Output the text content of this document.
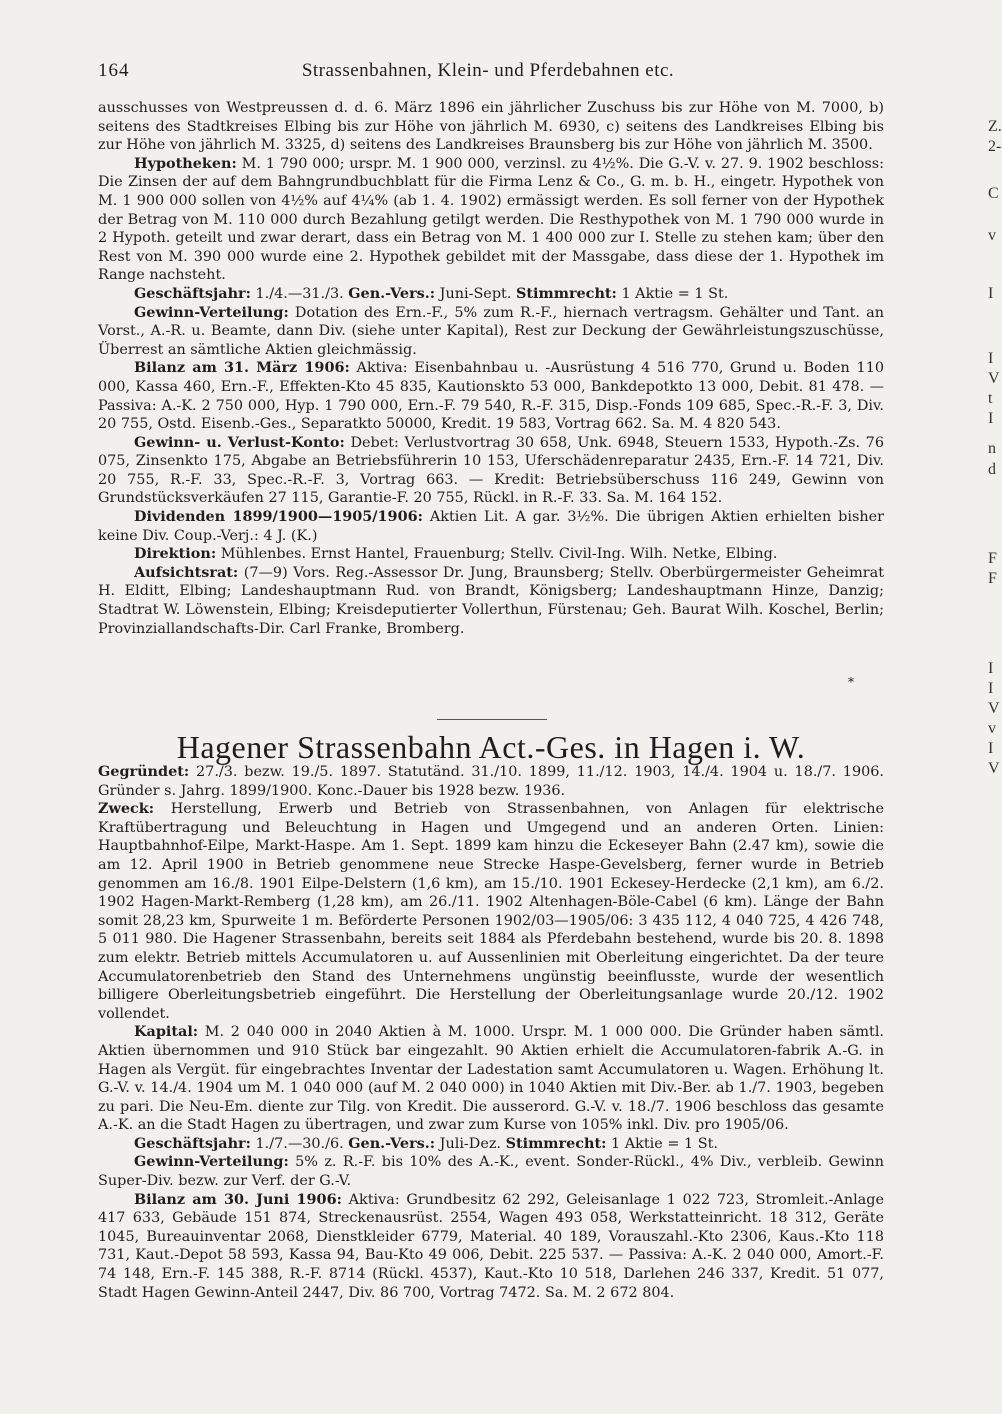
164	Strassenbahnen, Klein- und Pferdebahnen etc.

ausschusses von Westpreussen d. d. 6. März 1896 ein jährlicher Zuschuss bis zur Höhe von M. 7000, b) seitens des Stadtkreises Elbing bis zur Höhe von jährlich M. 6930, c) seitens des Landkreises Elbing bis zur Höhe von jährlich M. 3325, d) seitens des Landkreises Braunsberg bis zur Höhe von jährlich M. 3500.

Hypotheken: M. 1 790 000; urspr. M. 1 900 000, verzinsl. zu 4½%. Die G.-V. v. 27. 9. 1902 beschloss: Die Zinsen der auf dem Bahngrundbuchblatt für die Firma Lenz & Co., G. m. b. H., eingetr. Hypothek von M. 1 900 000 sollen von 4½% auf 4¼% (ab 1. 4. 1902) ermässigt werden. Es soll ferner von der Hypothek der Betrag von M. 110 000 durch Bezahlung getilgt werden. Die Resthypothek von M. 1 790 000 wurde in 2 Hypoth. geteilt und zwar derart, dass ein Betrag von M. 1 400 000 zur I. Stelle zu stehen kam; über den Rest von M. 390 000 wurde eine 2. Hypothek gebildet mit der Massgabe, dass diese der 1. Hypothek im Range nachsteht.

Geschäftsjahr: 1./4.—31./3. Gen.-Vers.: Juni-Sept. Stimmrecht: 1 Aktie = 1 St.

Gewinn-Verteilung: Dotation des Ern.-F., 5% zum R.-F., hiernach vertragsm. Gehälter und Tant. an Vorst., A.-R. u. Beamte, dann Div. (siehe unter Kapital), Rest zur Deckung der Gewährleistungszuschüsse, Überrest an sämtliche Aktien gleichmässig.

Bilanz am 31. März 1906: Aktiva: Eisenbahnbau u. -Ausrüstung 4 516 770, Grund u. Boden 110 000, Kassa 460, Ern.-F., Effekten-Kto 45 835, Kautionskto 53 000, Bankdepotkto 13 000, Debit. 81 478. — Passiva: A.-K. 2 750 000, Hyp. 1 790 000, Ern.-F. 79 540, R.-F. 315, Disp.-Fonds 109 685, Spec.-R.-F. 3, Div. 20 755, Ostd. Eisenb.-Ges., Separatkto 50000, Kredit. 19 583, Vortrag 662. Sa. M. 4 820 543.

Gewinn- u. Verlust-Konto: Debet: Verlustvortrag 30 658, Unk. 6948, Steuern 1533, Hypoth.-Zs. 76 075, Zinsenkto 175, Abgabe an Betriebsführerin 10 153, Uferschädenreparatur 2435, Ern.-F. 14 721, Div. 20 755, R.-F. 33, Spec.-R.-F. 3, Vortrag 663. — Kredit: Betriebsüberschuss 116 249, Gewinn von Grundstücksverkäufen 27 115, Garantie-F. 20 755, Rückl. in R.-F. 33. Sa. M. 164 152.

Dividenden 1899/1900—1905/1906: Aktien Lit. A gar. 3½%. Die übrigen Aktien erhielten bisher keine Div. Coup.-Verj.: 4 J. (K.)

Direktion: Mühlenbes. Ernst Hantel, Frauenburg; Stellv. Civil-Ing. Wilh. Netke, Elbing.

Aufsichtsrat: (7—9) Vors. Reg.-Assessor Dr. Jung, Braunsberg; Stellv. Oberbürgermeister Geheimrat H. Elditt, Elbing; Landeshauptmann Rud. von Brandt, Königsberg; Landeshauptmann Hinze, Danzig; Stadtrat W. Löwenstein, Elbing; Kreisdeputierter Vollerthun, Fürstenau; Geh. Baurat Wilh. Koschel, Berlin; Provinziallandschafts-Dir. Carl Franke, Bromberg.

*
Hagener Strassenbahn Act.-Ges. in Hagen i. W.

Gegründet: 27./3. bezw. 19./5. 1897. Statutänd. 31./10. 1899, 11./12. 1903, 14./4. 1904 u. 18./7. 1906. Gründer s. Jahrg. 1899/1900. Konc.-Dauer bis 1928 bezw. 1936.

Zweck: Herstellung, Erwerb und Betrieb von Strassenbahnen, von Anlagen für elektrische Kraftübertragung und Beleuchtung in Hagen und Umgegend und an anderen Orten. Linien: Hauptbahnhof-Eilpe, Markt-Haspe. Am 1. Sept. 1899 kam hinzu die Eckeseyer Bahn (2.47 km), sowie die am 12. April 1900 in Betrieb genommene neue Strecke Haspe-Gevelsberg, ferner wurde in Betrieb genommen am 16./8. 1901 Eilpe-Delstern (1,6 km), am 15./10. 1901 Eckesey-Herdecke (2,1 km), am 6./2. 1902 Hagen-Markt-Remberg (1,28 km), am 26./11. 1902 Altenhagen-Böle-Cabel (6 km). Länge der Bahn somit 28,23 km, Spurweite 1 m. Beförderte Personen 1902/03—1905/06: 3 435 112, 4 040 725, 4 426 748, 5 011 980. Die Hagener Strassenbahn, bereits seit 1884 als Pferdebahn bestehend, wurde bis 20. 8. 1898 zum elektr. Betrieb mittels Accumulatoren u. auf Aussenlinien mit Oberleitung eingerichtet. Da der teure Accumulatorenbetrieb den Stand des Unternehmens ungünstig beeinflusste, wurde der wesentlich billigere Oberleitungsbetrieb eingeführt. Die Herstellung der Oberleitungsanlage wurde 20./12. 1902 vollendet.

Kapital: M. 2 040 000 in 2040 Aktien à M. 1000. Urspr. M. 1 000 000. Die Gründer haben sämtl. Aktien übernommen und 910 Stück bar eingezahlt. 90 Aktien erhielt die Accumulatoren-fabrik A.-G. in Hagen als Vergüt. für eingebrachtes Inventar der Ladestation samt Accumulatoren u. Wagen. Erhöhung lt. G.-V. v. 14./4. 1904 um M. 1 040 000 (auf M. 2 040 000) in 1040 Aktien mit Div.-Ber. ab 1./7. 1903, begeben zu pari. Die Neu-Em. diente zur Tilg. von Kredit. Die ausserord. G.-V. v. 18./7. 1906 beschloss das gesamte A.-K. an die Stadt Hagen zu übertragen, und zwar zum Kurse von 105% inkl. Div. pro 1905/06.

Geschäftsjahr: 1./7.—30./6. Gen.-Vers.: Juli-Dez. Stimmrecht: 1 Aktie = 1 St.

Gewinn-Verteilung: 5% z. R.-F. bis 10% des A.-K., event. Sonder-Rückl., 4% Div., verbleib. Gewinn Super-Div. bezw. zur Verf. der G.-V.

Bilanz am 30. Juni 1906: Aktiva: Grundbesitz 62 292, Geleisanlage 1 022 723, Stromleit.-Anlage 417 633, Gebäude 151 874, Streckenausrüst. 2554, Wagen 493 058, Werkstatteinricht. 18 312, Geräte 1045, Bureauinventar 2068, Dienstkleider 6779, Material. 40 189, Vorauszahl.-Kto 2306, Kaus.-Kto 118 731, Kaut.-Depot 58 593, Kassa 94, Bau-Kto 49 006, Debit. 225 537. — Passiva: A.-K. 2 040 000, Amort.-F. 74 148, Ern.-F. 145 388, R.-F. 8714 (Rückl. 4537), Kaut.-Kto 10 518, Darlehen 246 337, Kredit. 51 077, Stadt Hagen Gewinn-Anteil 2447, Div. 86 700, Vortrag 7472. Sa. M. 2 672 804.

Z.
2-
C
v
I
I
V
t
I
n
d
F
F
I
I
V
v
I
V
